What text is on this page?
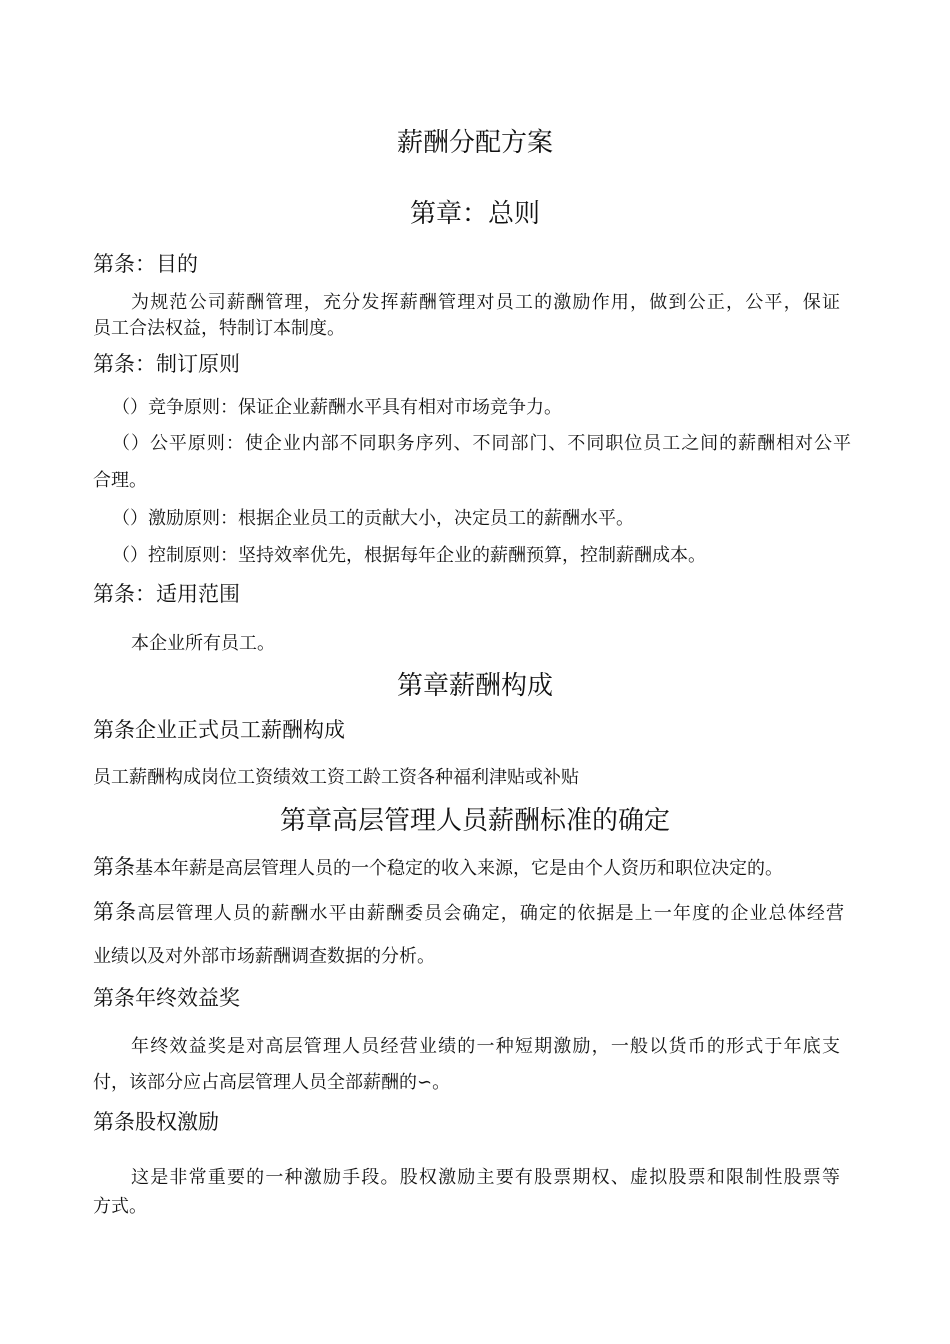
薪酬分配方案
第章：总则
第条：目的
为规范公司薪酬管理，充分发挥薪酬管理对员工的激励作用，做到公正，公平，保证
员工合法权益，特制订本制度。
第条：制订原则
（）竞争原则：保证企业薪酬水平具有相对市场竞争力。
（）公平原则：使企业内部不同职务序列、不同部门、不同职位员工之间的薪酬相对公平
合理。
（）激励原则：根据企业员工的贡献大小，决定员工的薪酬水平。
（）控制原则：坚持效率优先，根据每年企业的薪酬预算，控制薪酬成本。
第条：适用范围
本企业所有员工。
第章薪酬构成
第条企业正式员工薪酬构成
员工薪酬构成岗位工资绩效工资工龄工资各种福利津贴或补贴
第章高层管理人员薪酬标准的确定
第条基本年薪是高层管理人员的一个稳定的收入来源，它是由个人资历和职位决定的。
第条高层管理人员的薪酬水平由薪酬委员会确定，确定的依据是上一年度的企业总体经营
业绩以及对外部市场薪酬调查数据的分析。
第条年终效益奖
年终效益奖是对高层管理人员经营业绩的一种短期激励，一般以货币的形式于年底支
付，该部分应占高层管理人员全部薪酬的∽。
第条股权激励
这是非常重要的一种激励手段。股权激励主要有股票期权、虚拟股票和限制性股票等
方式。
